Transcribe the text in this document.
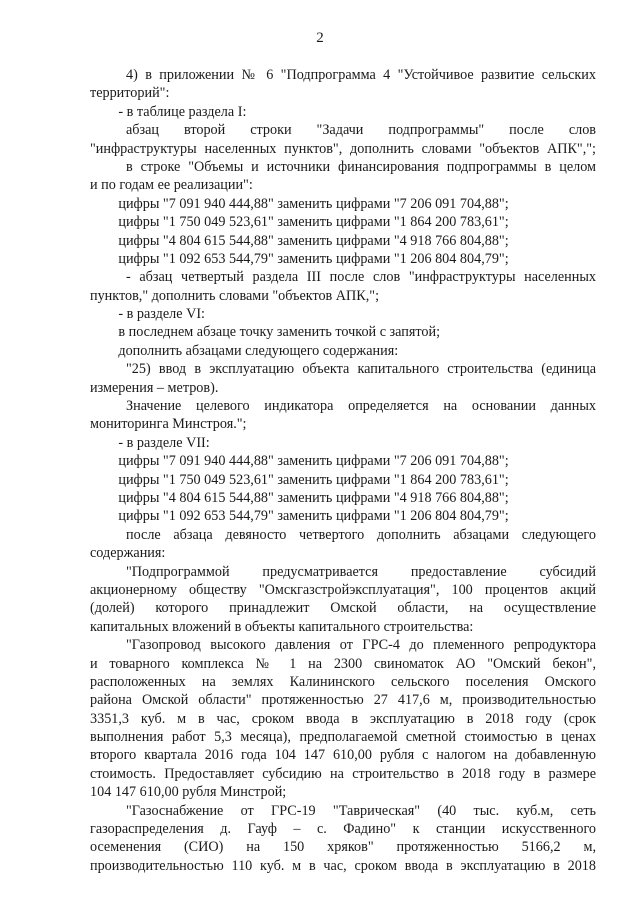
2
4) в приложении № 6 "Подпрограмма 4 "Устойчивое развитие сельских
территорий":
- в таблице раздела I:
абзац второй строки "Задачи подпрограммы" после слов
"инфраструктуры населенных пунктов", дополнить словами "объектов АПК",";
в строке "Объемы и источники финансирования подпрограммы в целом
и по годам ее реализации":
цифры "7 091 940 444,88" заменить цифрами "7 206 091 704,88";
цифры "1 750 049 523,61" заменить цифрами "1 864 200 783,61";
цифры "4 804 615 544,88" заменить цифрами "4 918 766 804,88";
цифры "1 092 653 544,79" заменить цифрами "1 206 804 804,79";
- абзац четвертый раздела III после слов "инфраструктуры населенных
пунктов," дополнить словами "объектов АПК,";
- в разделе VI:
в последнем абзаце точку заменить точкой с запятой;
дополнить абзацами следующего содержания:
"25) ввод в эксплуатацию объекта капитального строительства (единица
измерения – метров).
Значение целевого индикатора определяется на основании данных
мониторинга Минстроя.";
- в разделе VII:
цифры "7 091 940 444,88" заменить цифрами "7 206 091 704,88";
цифры "1 750 049 523,61" заменить цифрами "1 864 200 783,61";
цифры "4 804 615 544,88" заменить цифрами "4 918 766 804,88";
цифры "1 092 653 544,79" заменить цифрами "1 206 804 804,79";
после абзаца девяносто четвертого дополнить абзацами следующего
содержания:
"Подпрограммой предусматривается предоставление субсидий
акционерному обществу "Омскгазстройэксплуатация", 100 процентов акций
(долей) которого принадлежит Омской области, на осуществление
капитальных вложений в объекты капитального строительства:
"Газопровод высокого давления от ГРС-4 до племенного репродуктора
и товарного комплекса № 1 на 2300 свиноматок АО "Омский бекон",
расположенных на землях Калининского сельского поселения Омского
района Омской области" протяженностью 27 417,6 м, производительностью
3351,3 куб. м в час, сроком ввода в эксплуатацию в 2018 году (срок
выполнения работ 5,3 месяца), предполагаемой сметной стоимостью в ценах
второго квартала 2016 года 104 147 610,00 рубля с налогом на добавленную
стоимость. Предоставляет субсидию на строительство в 2018 году в размере
104 147 610,00 рубля Минстрой;
"Газоснабжение от ГРС-19 "Таврическая" (40 тыс. куб.м, сеть
газораспределения д. Гауф – с. Фадино" к станции искусственного
осеменения (СИО) на 150 хряков" протяженностью 5166,2 м,
производительностью 110 куб. м в час, сроком ввода в эксплуатацию в 2018
